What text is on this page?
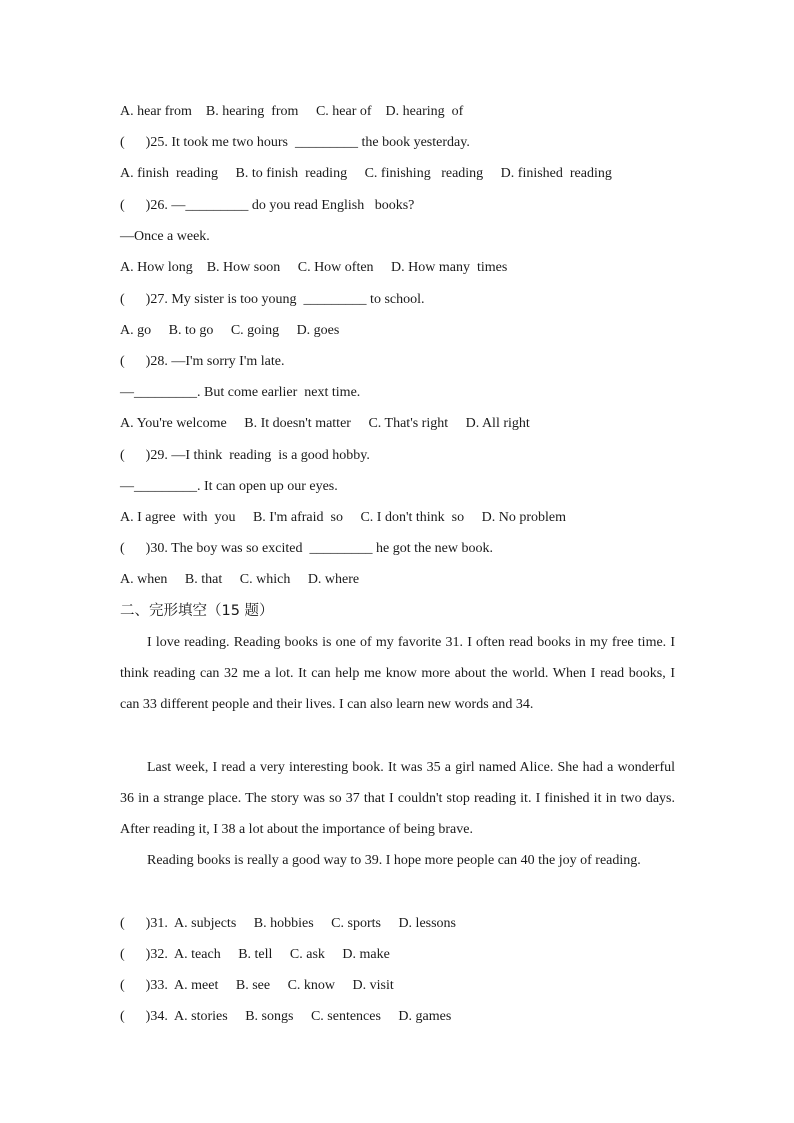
A. hear from    B. hearing  from     C. hear of    D. hearing  of
(      )25. It took me two hours  _________ the book yesterday.
A. finish  reading     B. to finish  reading     C. finishing   reading     D. finished  reading
(      )26. —_________ do you read English   books?
—Once a week.
A. How long    B. How soon     C. How often     D. How many  times
(      )27. My sister is too young  _________ to school.
A. go     B. to go     C. going     D. goes
(      )28. —I'm sorry I'm late.
—_________. But come earlier  next time.
A. You're welcome     B. It doesn't matter     C. That's right     D. All right
(      )29. —I think  reading  is a good hobby.
—_________. It can open up our eyes.
A. I agree  with  you     B. I'm afraid  so     C. I don't think  so     D. No problem
(      )30. The boy was so excited  _________ he got the new book.
A. when     B. that     C. which     D. where
二、完形填空（15 题）
I love reading. Reading books is one of my favorite 31. I often read books in my free time. I think reading can 32 me a lot. It can help me know more about the world. When I read books, I can 33 different people and their lives. I can also learn new words and 34.
Last week, I read a very interesting book. It was 35 a girl named Alice. She had a wonderful 36 in a strange place. The story was so 37 that I couldn't stop reading it. I finished it in two days. After reading it, I 38 a lot about the importance of being brave.
Reading books is really a good way to 39. I hope more people can 40 the joy of reading.
(      )31.  A. subjects     B. hobbies     C. sports     D. lessons
(      )32.  A. teach     B. tell     C. ask     D. make
(      )33.  A. meet     B. see     C. know     D. visit
(      )34.  A. stories     B. songs     C. sentences     D. games
